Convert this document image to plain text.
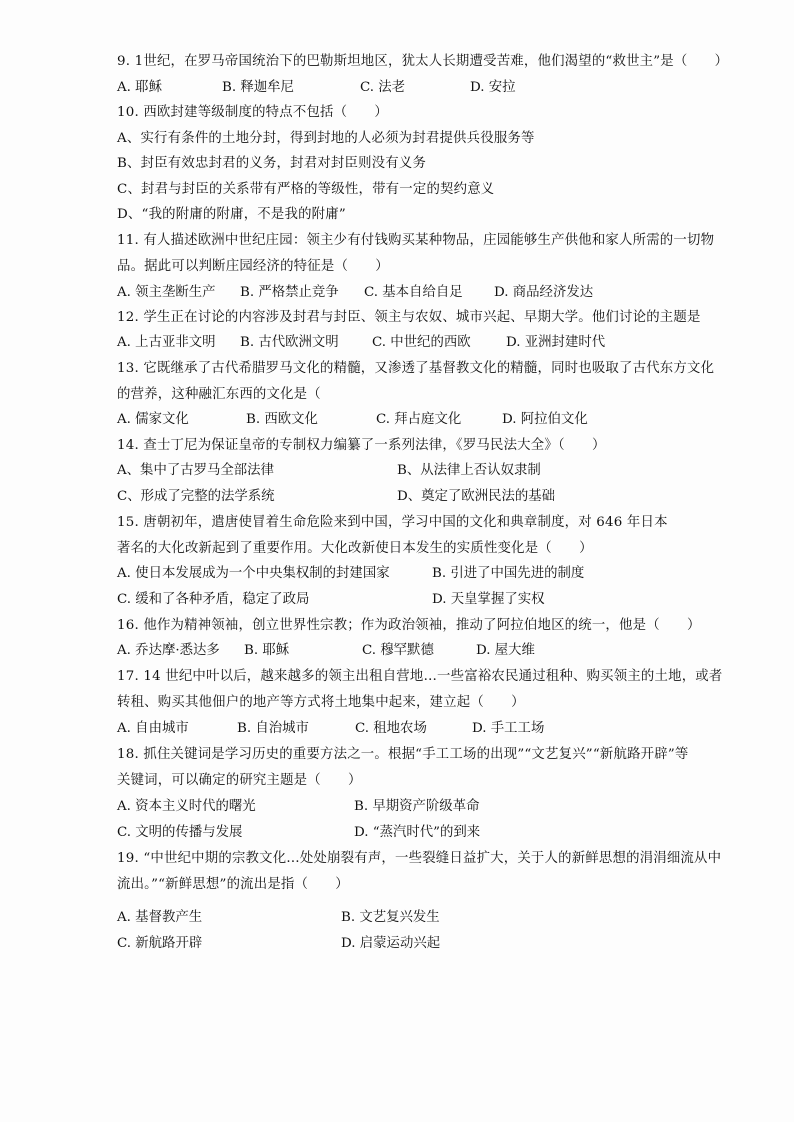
9. 1世纪，在罗马帝国统治下的巴勒斯坦地区，犹太人长期遭受苦难，他们渴望的“救世主”是（　　）
A. 耶稣	B. 释迦牟尼	C. 法老	D. 安拉
10. 西欧封建等级制度的特点不包括（　　）
A、实行有条件的土地分封，得到封地的人必须为封君提供兵役服务等
B、封臣有效忠封君的义务，封君对封臣则没有义务
C、封君与封臣的关系带有严格的等级性，带有一定的契约意义
D、“我的附庸的附庸，不是我的附庸”
11. 有人描述欧洲中世纪庄园：领主少有付钱购买某种物品，庄园能够生产供他和家人所需的一切物
品。据此可以判断庄园经济的特征是（　　）
A. 领主垄断生产 B. 严格禁止竞争 C. 基本自给自足 D. 商品经济发达
12. 学生正在讨论的内容涉及封君与封臣、领主与农奴、城市兴起、早期大学。他们讨论的主题是
A. 上古亚非文明 B. 古代欧洲文明 C. 中世纪的西欧	D. 亚洲封建时代
13. 它既继承了古代希腊罗马文化的精髓，又渗透了基督教文化的精髓，同时也吸取了古代东方文化
的营养，这种融汇东西的文化是（
A. 儒家文化	B. 西欧文化	C. 拜占庭文化	D. 阿拉伯文化
14. 查士丁尼为保证皇帝的专制权力编纂了一系列法律，《罗马民法大全》（　　）
A、集中了古罗马全部法律	B、从法律上否认奴隶制
C、形成了完整的法学系统	D、奠定了欧洲民法的基础
15. 唐朝初年，遣唐使冒着生命危险来到中国，学习中国的文化和典章制度，对 646 年日本
著名的大化改新起到了重要作用。大化改新使日本发生的实质性变化是（　　）
A. 使日本发展成为一个中央集权制的封建国家	B. 引进了中国先进的制度
C. 缓和了各种矛盾，稳定了政局	D. 天皇掌握了实权
16. 他作为精神领袖，创立世界性宗教；作为政治领袖，推动了阿拉伯地区的统一，他是（　　）
A. 乔达摩·悉达多 B. 耶稣	C. 穆罕默德	D. 屋大维
17. 14 世纪中叶以后，越来越多的领主出租自营地…一些富裕农民通过租种、购买领主的土地，或者
转租、购买其他佃户的地产等方式将土地集中起来，建立起（　　）
A. 自由城市	B. 自治城市	C. 租地农场	D. 手工工场
18. 抓住关键词是学习历史的重要方法之一。根据“手工工场的出现”“文艺复兴”“新航路开辟”等
关键词，可以确定的研究主题是（　　）
A. 资本主义时代的曙光	B. 早期资产阶级革命
C. 文明的传播与发展	D. “蒸汽时代”的到来
19. “中世纪中期的宗教文化…处处崩裂有声，一些裂缝日益扩大，关于人的新鲜思想的涓涓细流从中
流出。”“新鲜思想”的流出是指（　　）
A. 基督教产生	B. 文艺复兴发生
C. 新航路开辟	D. 启蒙运动兴起
